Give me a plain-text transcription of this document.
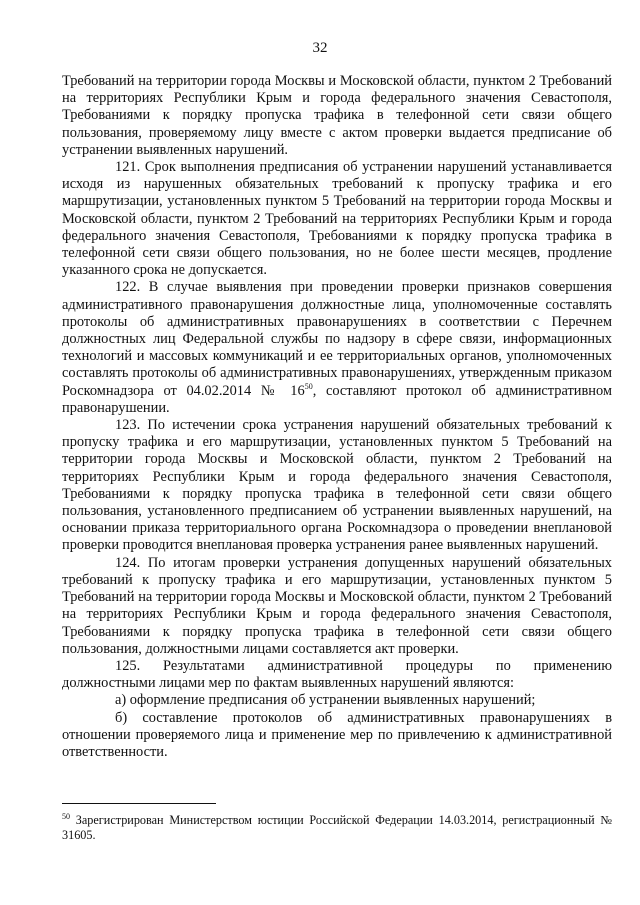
32

Требований на территории города Москвы и Московской области, пунктом 2 Требований на территориях Республики Крым и города федерального значения Севастополя, Требованиями к порядку пропуска трафика в телефонной сети связи общего пользования, проверяемому лицу вместе с актом проверки выдается предписание об устранении выявленных нарушений.

121. Срок выполнения предписания об устранении нарушений устанавливается исходя из нарушенных обязательных требований к пропуску трафика и его маршрутизации, установленных пунктом 5 Требований на территории города Москвы и Московской области, пунктом 2 Требований на территориях Республики Крым и города федерального значения Севастополя, Требованиями к порядку пропуска трафика в телефонной сети связи общего пользования, но не более шести месяцев, продление указанного срока не допускается.

122. В случае выявления при проведении проверки признаков совершения административного правонарушения должностные лица, уполномоченные составлять протоколы об административных правонарушениях в соответствии с Перечнем должностных лиц Федеральной службы по надзору в сфере связи, информационных технологий и массовых коммуникаций и ее территориальных органов, уполномоченных составлять протоколы об административных правонарушениях, утвержденным приказом Роскомнадзора от 04.02.2014 № $16^{50}$, составляют протокол об административном правонарушении.

123. По истечении срока устранения нарушений обязательных требований к пропуску трафика и его маршрутизации, установленных пунктом 5 Требований на территории города Москвы и Московской области, пунктом 2 Требований на территориях Республики Крым и города федерального значения Севастополя, Требованиями к порядку пропуска трафика в телефонной сети связи общего пользования, установленного предписанием об устранении выявленных нарушений, на основании приказа территориального органа Роскомнадзора о проведении внеплановой проверки проводится внеплановая проверка устранения ранее выявленных нарушений.

124. По итогам проверки устранения допущенных нарушений обязательных требований к пропуску трафика и его маршрутизации, установленных пунктом 5 Требований на территории города Москвы и Московской области, пунктом 2 Требований на территориях Республики Крым и города федерального значения Севастополя, Требованиями к порядку пропуска трафика в телефонной сети связи общего пользования, должностными лицами составляется акт проверки.

125. Результатами административной процедуры по применению должностными лицами мер по фактам выявленных нарушений являются:

а) оформление предписания об устранении выявленных нарушений;

б) составление протоколов об административных правонарушениях в отношении проверяемого лица и применение мер по привлечению к административной ответственности.

$^{50}$ Зарегистрирован Министерством юстиции Российской Федерации 14.03.2014, регистрационный № 31605.
